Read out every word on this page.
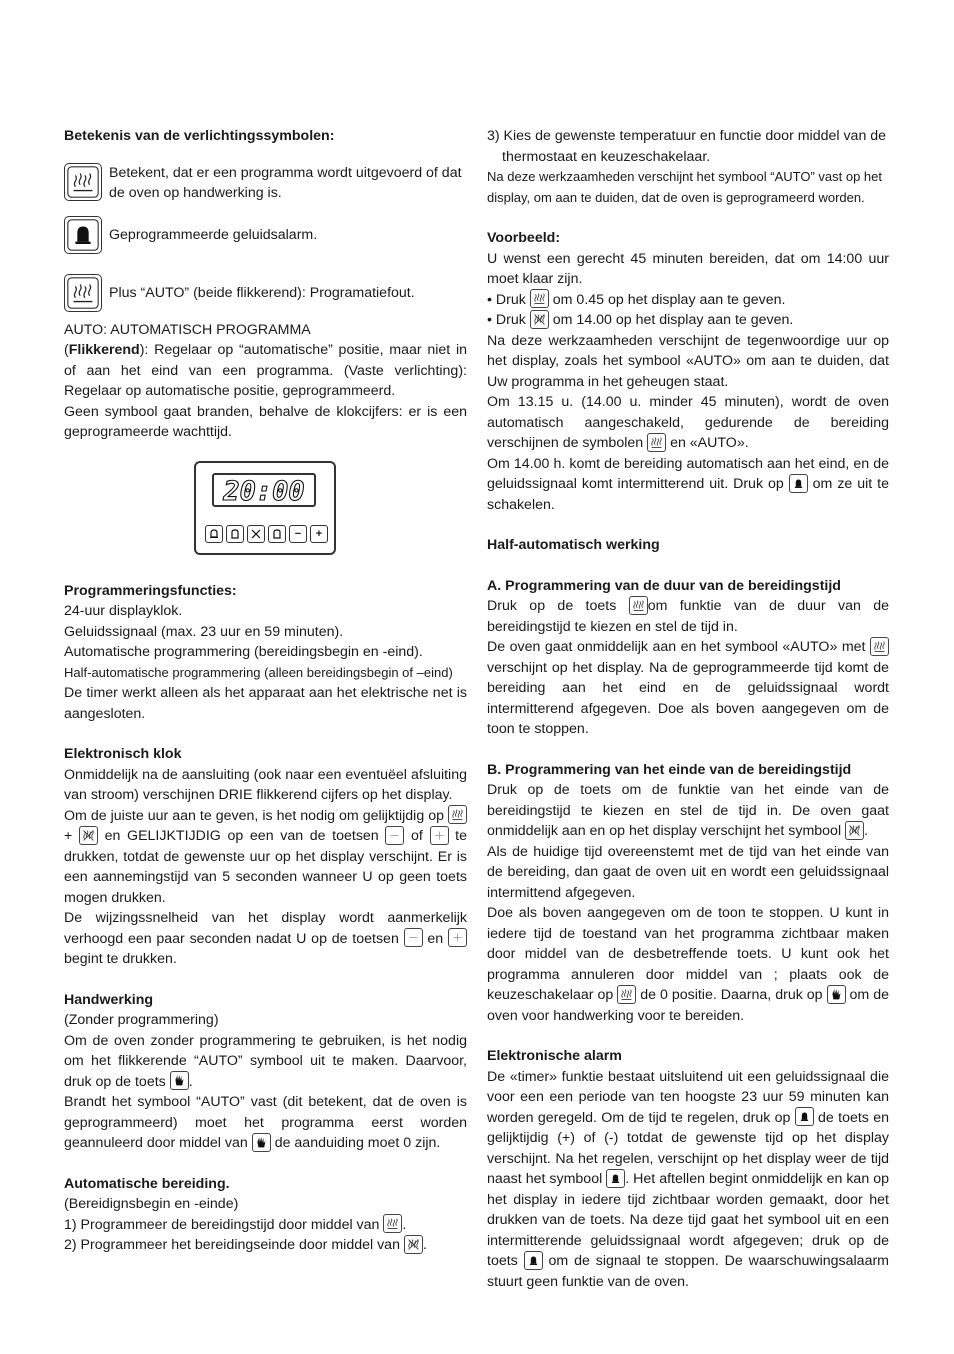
Betekenis van de verlichtingssymbolen:

Betekent, dat er een programma wordt uitgevoerd of dat de oven op handwerking is.

Geprogrammeerde geluidsalarm.

Plus “AUTO” (beide flikkerend): Programatiefout.

AUTO: AUTOMATISCH PROGRAMMA

(Flikkerend): Regelaar op “automatische” positie, maar niet in of aan het eind van een programma. (Vaste verlichting): Regelaar op automatische positie, geprogrammeerd.

Geen symbool gaat branden, behalve de klokcijfers: er is een geprogrameerde wachttijd.

20:00
−	+

Programmeringsfuncties:

24-uur displayklok.

Geluidssignaal (max. 23 uur en 59 minuten).

Automatische programmering (bereidingsbegin en -eind).

Half-automatische programmering (alleen bereidingsbegin of –eind)

De timer werkt alleen als het apparaat aan het elektrische net is aangesloten.

Elektronisch klok

Onmiddelijk na de aansluiting (ook naar een eventuëel afsluiting van stroom) verschijnen DRIE flikkerend cijfers op het display.

Om de juiste uur aan te geven, is het nodig om gelijktijdig op
+ en GELIJKTIJDIG op een van de toetsen of te drukken, totdat de gewenste uur op het display verschijnt. Er is een aannemingstijd van 5 seconden wanneer U op geen toets mogen drukken.

De wijzingssnelheid van het display wordt aanmerkelijk verhoogd een paar seconden nadat U op de toetsen en
begint te drukken.

Handwerking

(Zonder programmering)

Om de oven zonder programmering te gebruiken, is het nodig om het flikkerende “AUTO” symbool uit te maken. Daarvoor, druk op de toets .

Brandt het symbool “AUTO” vast (dit betekent, dat de oven is geprogrammeerd) moet het programma eerst worden geannuleerd door middel van de aanduiding moet 0 zijn.

Automatische bereiding.

(Bereidignsbegin en -einde)

1) Programmeer de bereidingstijd door middel van .

2) Programmeer het bereidingseinde door middel van .

3) Kies de gewenste temperatuur en functie door middel van de thermostaat en keuzeschakelaar.

Na deze werkzaamheden verschijnt het symbool “AUTO” vast op het display, om aan te duiden, dat de oven is geprogrameerd worden.

Voorbeeld:

U wenst een gerecht 45 minuten bereiden, dat om 14:00 uur moet klaar zijn.

• Druk om 0.45 op het display aan te geven.

• Druk om 14.00 op het display aan te geven.

Na deze werkzaamheden verschijnt de tegenwoordige uur op het display, zoals het symbool «AUTO» om aan te duiden, dat Uw programma in het geheugen staat.

Om 13.15 u. (14.00 u. minder 45 minuten), wordt de oven automatisch aangeschakeld, gedurende de bereiding verschijnen de symbolen en «AUTO».

Om 14.00 h. komt de bereiding automatisch aan het eind, en de geluidssignaal komt intermitterend uit. Druk op om ze uit te schakelen.

Half-automatisch werking

A. Programmering van de duur van de bereidingstijd

Druk op de toets om funktie van de duur van de bereidingstijd te kiezen en stel de tijd in.

De oven gaat onmiddelijk aan en het symbool «AUTO» met
verschijnt op het display. Na de geprogrammeerde tijd komt de bereiding aan het eind en de geluidssignaal wordt intermitterend afgegeven. Doe als boven aangegeven om de toon te stoppen.

B. Programmering van het einde van de bereidingstijd

Druk op de toets om de funktie van het einde van de bereidingstijd te kiezen en stel de tijd in. De oven gaat onmiddelijk aan en op het display verschijnt het symbool .

Als de huidige tijd overeenstemt met de tijd van het einde van de bereiding, dan gaat de oven uit en wordt een geluidssignaal intermittend afgegeven.

Doe als boven aangegeven om de toon te stoppen. U kunt in iedere tijd de toestand van het programma zichtbaar maken door middel van de desbetreffende toets. U kunt ook het programma annuleren door middel van ; plaats ook de keuzeschakelaar op de 0 positie. Daarna, druk op om de oven voor handwerking voor te bereiden.

Elektronische alarm

De «timer» funktie bestaat uitsluitend uit een geluidssignaal die voor een een periode van ten hoogste 23 uur 59 minuten kan worden geregeld. Om de tijd te regelen, druk op de toets en gelijktijdig (+) of (-) totdat de gewenste tijd op het display verschijnt. Na het regelen, verschijnt op het display weer de tijd naast het symbool . Het aftellen begint onmiddelijk en kan op het display in iedere tijd zichtbaar worden gemaakt, door het drukken van de toets. Na deze tijd gaat het symbool uit en een intermitterende geluidssignaal wordt afgegeven; druk op de toets om de signaal te stoppen. De waarschuwingsalaarm stuurt geen funktie van de oven.
